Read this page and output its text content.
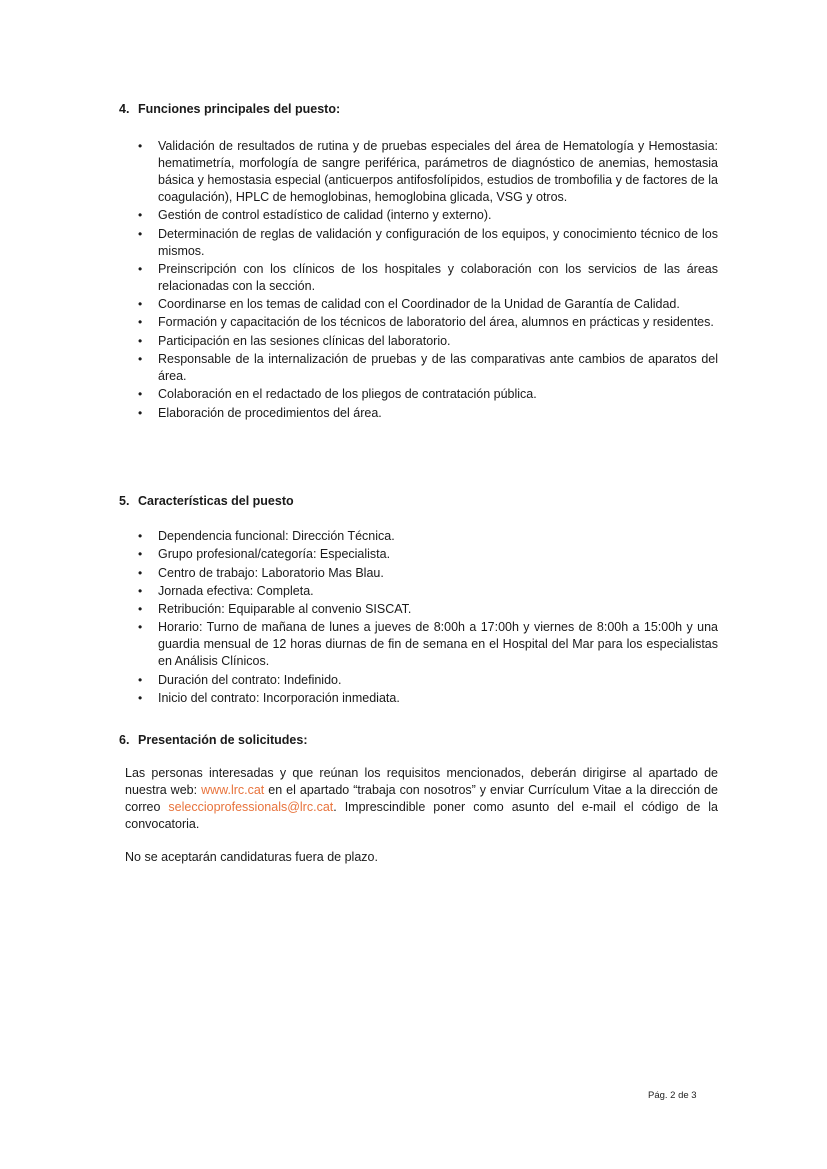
4. Funciones principales del puesto:
• Validación de resultados de rutina y de pruebas especiales del área de Hematología y Hemostasia: hematimetría, morfología de sangre periférica, parámetros de diagnóstico de anemias, hemostasia básica y hemostasia especial (anticuerpos antifosfolípidos, estudios de trombofilia y de factores de la coagulación), HPLC de hemoglobinas, hemoglobina glicada, VSG y otros.
• Gestión de control estadístico de calidad (interno y externo).
• Determinación de reglas de validación y configuración de los equipos, y conocimiento técnico de los mismos.
• Preinscripción con los clínicos de los hospitales y colaboración con los servicios de las áreas relacionadas con la sección.
• Coordinarse en los temas de calidad con el Coordinador de la Unidad de Garantía de Calidad.
• Formación y capacitación de los técnicos de laboratorio del área, alumnos en prácticas y residentes.
• Participación en las sesiones clínicas del laboratorio.
• Responsable de la internalización de pruebas y de las comparativas ante cambios de aparatos del área.
• Colaboración en el redactado de los pliegos de contratación pública.
• Elaboración de procedimientos del área.
5. Características del puesto
• Dependencia funcional: Dirección Técnica.
• Grupo profesional/categoría: Especialista.
• Centro de trabajo: Laboratorio Mas Blau.
• Jornada efectiva: Completa.
• Retribución: Equiparable al convenio SISCAT.
• Horario: Turno de mañana de lunes a jueves de 8:00h a 17:00h y viernes de 8:00h a 15:00h y una guardia mensual de 12 horas diurnas de fin de semana en el Hospital del Mar para los especialistas en Análisis Clínicos.
• Duración del contrato: Indefinido.
• Inicio del contrato: Incorporación inmediata.
6. Presentación de solicitudes:

Las personas interesadas y que reúnan los requisitos mencionados, deberán dirigirse al apartado de nuestra web: www.lrc.cat en el apartado “trabaja con nosotros” y enviar Currículum Vitae a la dirección de correo seleccioprofessionals@lrc.cat. Imprescindible poner como asunto del e-mail el código de la convocatoria.

No se aceptarán candidaturas fuera de plazo.

Pág. 2 de 3
